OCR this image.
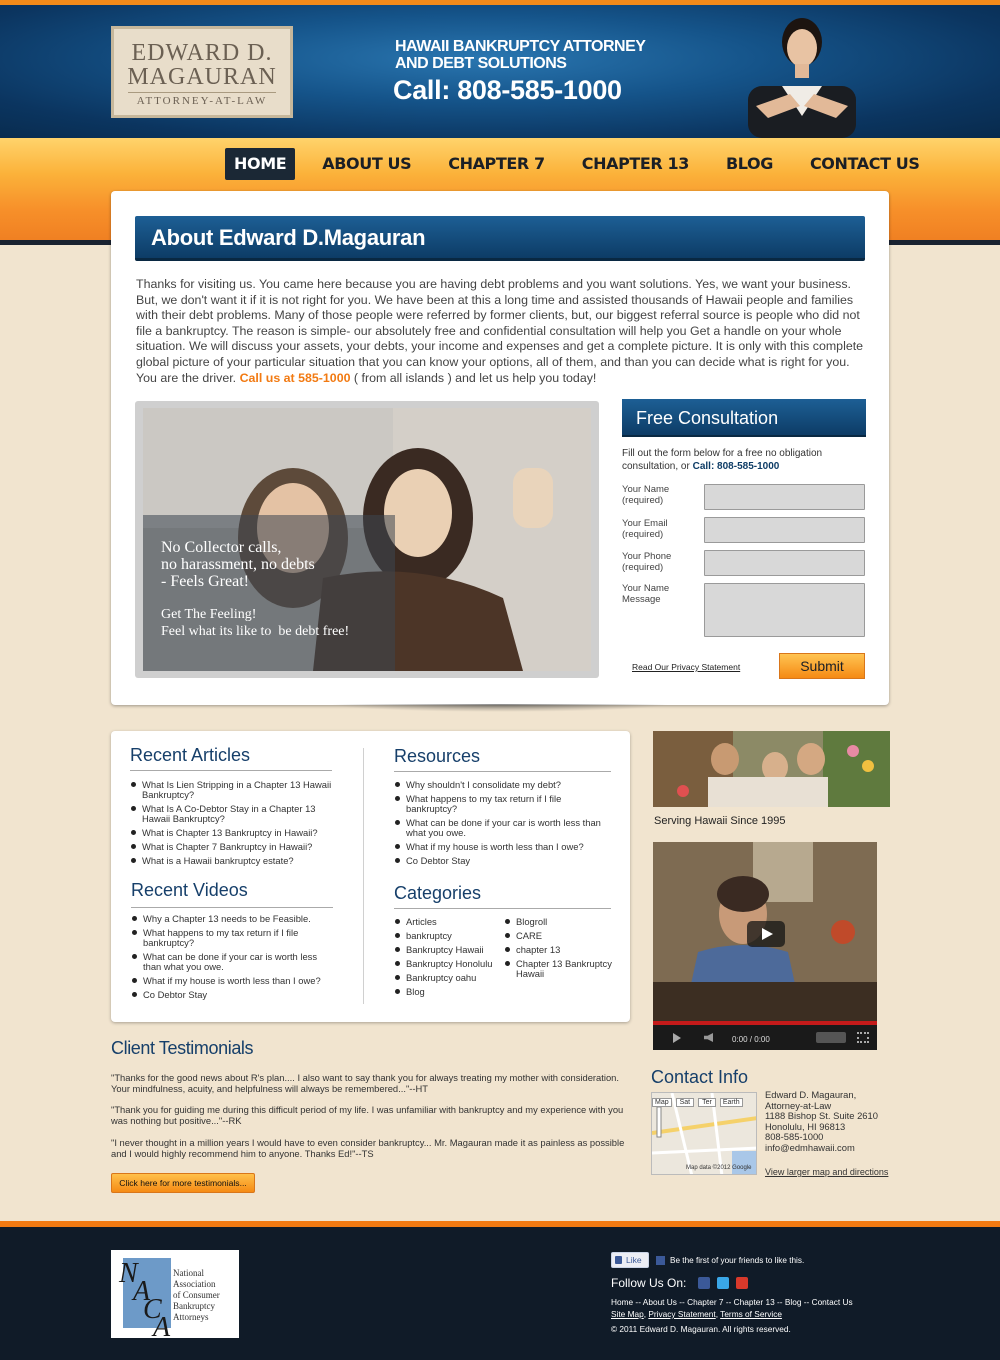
EDWARD D.
MAGAURAN
ATTORNEY-AT-LAW
HAWAII BANKRUPTCY ATTORNEY
AND DEBT SOLUTIONS
Call: 808-585-1000
HOME	ABOUT US CHAPTER 7 CHAPTER 13 BLOG CONTACT US
About Edward D.Magauran

Thanks for visiting us. You came here because you are having debt problems and you want solutions. Yes, we want your business. But, we don't want it if it is not right for you. We have been at this a long time and assisted thousands of Hawaii people and families with their debt problems. Many of those people were referred by former clients, but, our biggest referral source is people who did not file a bankruptcy. The reason is simple- our absolutely free and confidential consultation will help you Get a handle on your whole situation. We will discuss your assets, your debts, your income and expenses and get a complete picture. It is only with this complete global picture of your particular situation that you can know your options, all of them, and than you can decide what is right for you. You are the driver. Call us at 585-1000 ( from all islands ) and let us help you today!

No Collector calls,
no harassment, no debts
- Feels Great!
Get The Feeling!
Feel what its like to  be debt free!
Free Consultation
Fill out the form below for a free no obligation consultation, or Call: 808-585-1000
Your Name
(required)
Your Email
(required)
Your Phone
(required)
Your Name
Message
Read Our Privacy Statement	Submit
Recent Articles
What Is Lien Stripping in a Chapter 13 Hawaii Bankruptcy?
What Is A Co-Debtor Stay in a Chapter 13 Hawaii Bankruptcy?
What is Chapter 13 Bankruptcy in Hawaii?
What is Chapter 7 Bankruptcy in Hawaii?
What is a Hawaii bankruptcy estate?
Recent Videos
Why a Chapter 13 needs to be Feasible.
What happens to my tax return if I file bankruptcy?
What can be done if your car is worth less than what you owe.
What if my house is worth less than I owe?
Co Debtor Stay
Resources
Why shouldn't I consolidate my debt?
What happens to my tax return if I file bankruptcy?
What can be done if your car is worth less than what you owe.
What if my house is worth less than I owe?
Co Debtor Stay
Categories
Articles
bankruptcy
Bankruptcy Hawaii
Bankruptcy Honolulu
Bankruptcy oahu
Blog
Blogroll
CARE
chapter 13
Chapter 13 Bankruptcy Hawaii
Serving Hawaii Since 1995
0:00 / 0:00
Client Testimonials

"Thanks for the good news about R's plan.... I also want to say thank you for always treating my mother with consideration. Your mindfulness, acuity, and helpfulness will always be remembered..."--HT

"Thank you for guiding me during this difficult period of my life. I was unfamiliar with bankruptcy and my experience with you was nothing but positive..."--RK

"I never thought in a million years I would have to even consider bankruptcy... Mr. Magauran made it as painless as possible and I would highly recommend him to anyone. Thanks Ed!"--TS

Click here for more testimonials...
Contact Info
Map	Sat	Ter	Earth
Map data ©2012 Google
Edward D. Magauran,
Attorney-at-Law
1188 Bishop St. Suite 2610
Honolulu, HI 96813
808-585-1000
info@edmhawaii.com
View larger map and directions
N
A
C
A
National
Association
of Consumer
Bankruptcy
Attorneys
Like	Be the first of your friends to like this.
Follow Us On:
Home -- About Us -- Chapter 7 -- Chapter 13 -- Blog -- Contact Us
Site Map, Privacy Statement, Terms of Service
© 2011 Edward D. Magauran. All rights reserved.
